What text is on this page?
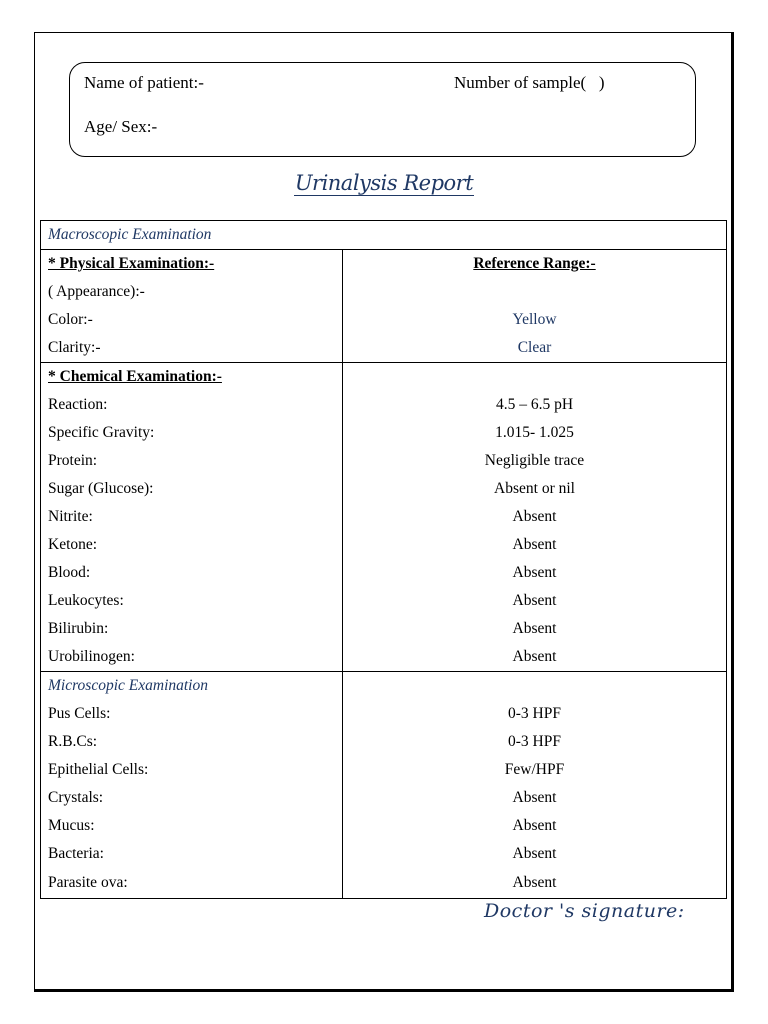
Name of patient:-	Number of sample(   )
Age/ Sex:-
Urinalysis Report
Macroscopic Examination	
* Physical Examination:-	Reference Range:-
( Appearance):-	
Color:-	Yellow
Clarity:-	Clear
* Chemical Examination:-	
Reaction:	4.5 – 6.5 pH
Specific Gravity:	1.015- 1.025
Protein:	Negligible trace
Sugar (Glucose):	Absent or nil
Nitrite:	Absent
Ketone:	Absent
Blood:	Absent
Leukocytes:	Absent
Bilirubin:	Absent
Urobilinogen:	Absent
Microscopic Examination	
Pus Cells:	0-3 HPF
R.B.Cs:	0-3 HPF
Epithelial Cells:	Few/HPF
Crystals:	Absent
Mucus:	Absent
Bacteria:	Absent
Parasite ova:	Absent
Doctor 's signature:
